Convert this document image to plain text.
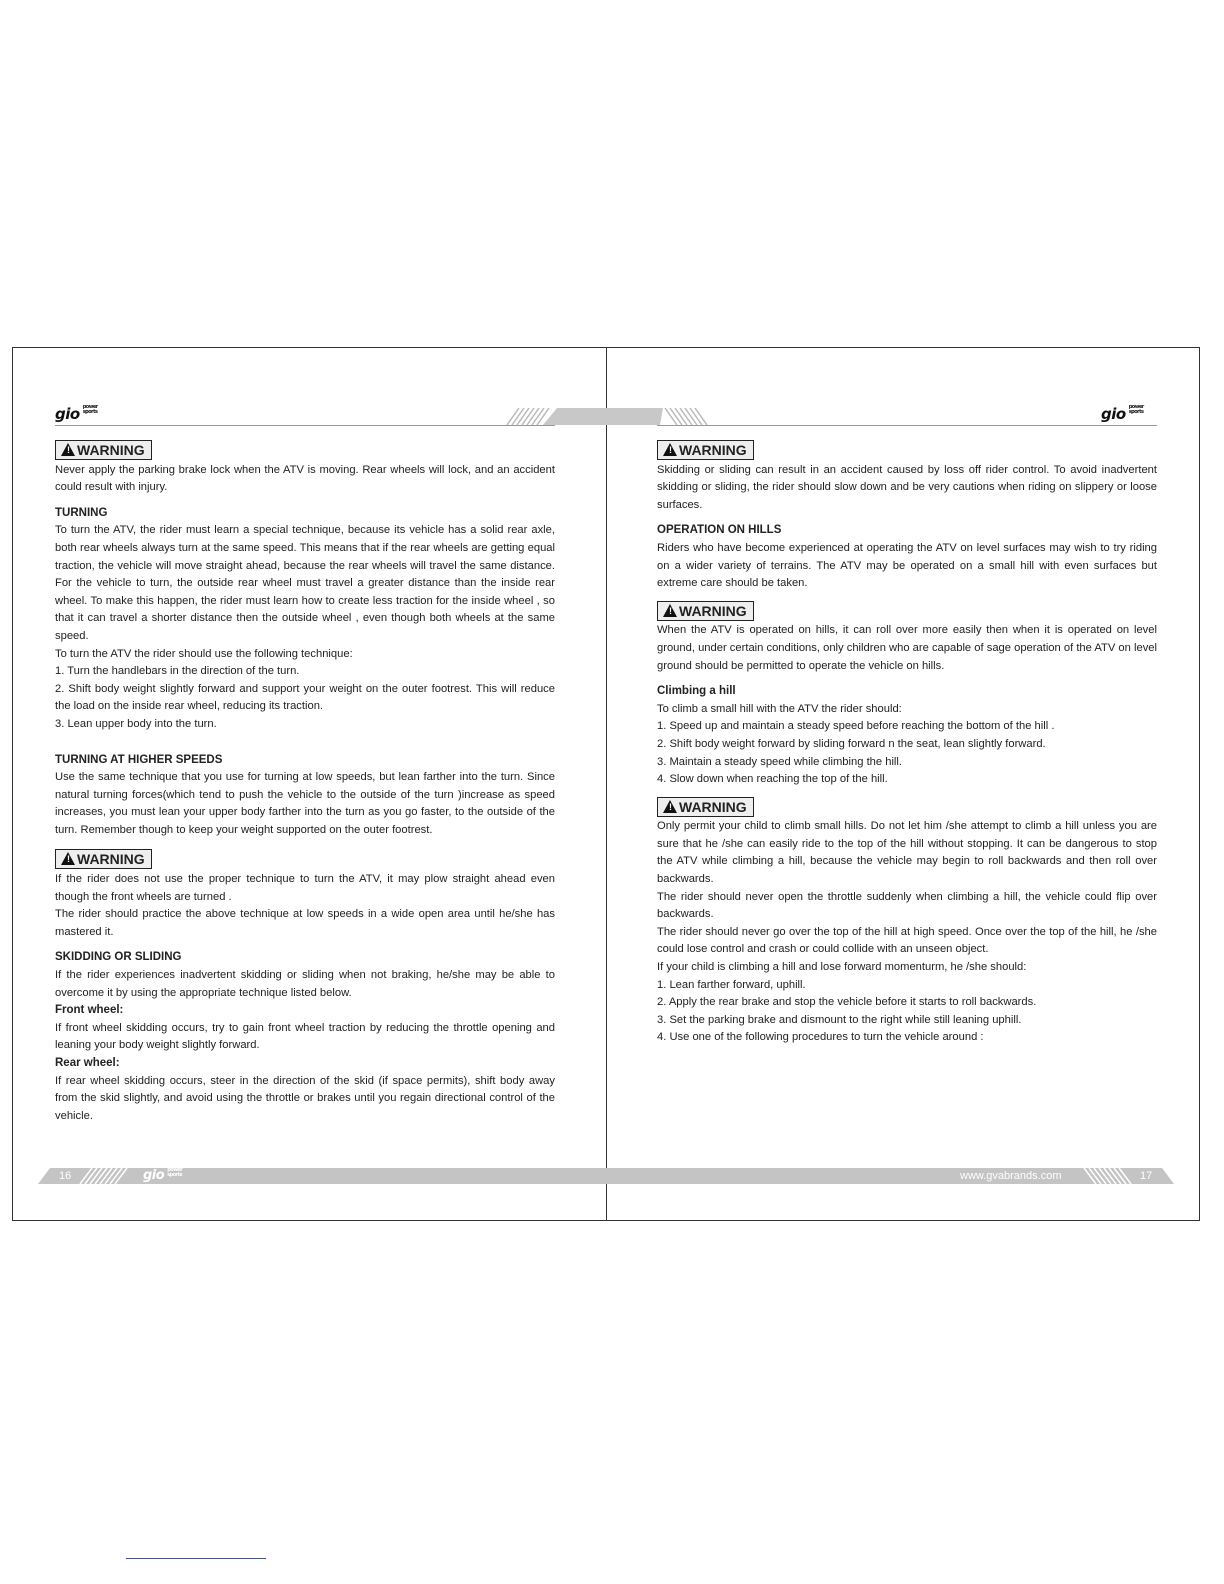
gio power sports	gio power sports
! WARNING

Never apply the parking brake lock when the ATV is moving. Rear wheels will lock, and an accident could result with injury.

TURNING

To turn the ATV, the rider must learn a special technique, because its vehicle has a solid rear axle, both rear wheels always turn at the same speed. This means that if the rear wheels are getting equal traction, the vehicle will move straight ahead, because the rear wheels will travel the same distance. For the vehicle to turn, the outside rear wheel must travel a greater distance than the inside rear wheel. To make this happen, the rider must learn how to create less traction for the inside wheel , so that it can travel a shorter distance then the outside wheel , even though both wheels at the same speed.

To turn the ATV the rider should use the following technique:

1. Turn the handlebars in the direction of the turn.

2. Shift body weight slightly forward and support your weight on the outer footrest. This will reduce the load on the inside rear wheel, reducing its traction.

3. Lean upper body into the turn.

TURNING AT HIGHER SPEEDS

Use the same technique that you use for turning at low speeds, but lean farther into the turn. Since natural turning forces(which tend to push the vehicle to the outside of the turn )increase as speed increases, you must lean your upper body farther into the turn as you go faster, to the outside of the turn. Remember though to keep your weight supported on the outer footrest.

! WARNING

If the rider does not use the proper technique to turn the ATV, it may plow straight ahead even though the front wheels are turned .

The rider should practice the above technique at low speeds in a wide open area until he/she has mastered it.

SKIDDING OR SLIDING

If the rider experiences inadvertent skidding or sliding when not braking, he/she may be able to overcome it by using the appropriate technique listed below.

Front wheel:

If front wheel skidding occurs, try to gain front wheel traction by reducing the throttle opening and leaning your body weight slightly forward.

Rear wheel:

If rear wheel skidding occurs, steer in the direction of the skid (if space permits), shift body away from the skid slightly, and avoid using the throttle or brakes until you regain directional control of the vehicle.

! WARNING

Skidding or sliding can result in an accident caused by loss off rider control. To avoid inadvertent skidding or sliding, the rider should slow down and be very cautions when riding on slippery or loose surfaces.

OPERATION ON HILLS

Riders who have become experienced at operating the ATV on level surfaces may wish to try riding on a wider variety of terrains. The ATV may be operated on a small hill with even surfaces but extreme care should be taken.

! WARNING

When the ATV is operated on hills, it can roll over more easily then when it is operated on level ground, under certain conditions, only children who are capable of sage operation of the ATV on level ground should be permitted to operate the vehicle on hills.

Climbing a hill

To climb a small hill with the ATV the rider should:

1. Speed up and maintain a steady speed before reaching the bottom of the hill .

2. Shift body weight forward by sliding forward n the seat, lean slightly forward.

3. Maintain a steady speed while climbing the hill.

4. Slow down when reaching the top of the hill.

! WARNING

Only permit your child to climb small hills. Do not let him /she attempt to climb a hill unless you are sure that he /she can easily ride to the top of the hill without stopping. It can be dangerous to stop the ATV while climbing a hill, because the vehicle may begin to roll backwards and then roll over backwards.

The rider should never open the throttle suddenly when climbing a hill, the vehicle could flip over backwards.

The rider should never go over the top of the hill at high speed. Once over the top of the hill, he /she could lose control and crash or could collide with an unseen object.

If your child is climbing a hill and lose forward momenturm, he /she should:

1. Lean farther forward, uphill.

2. Apply the rear brake and stop the vehicle before it starts to roll backwards.

3. Set the parking brake and dismount to the right while still leaning uphill.

4. Use one of the following procedures to turn the vehicle around :

16	gio power sports	www.gvabrands.com	17
